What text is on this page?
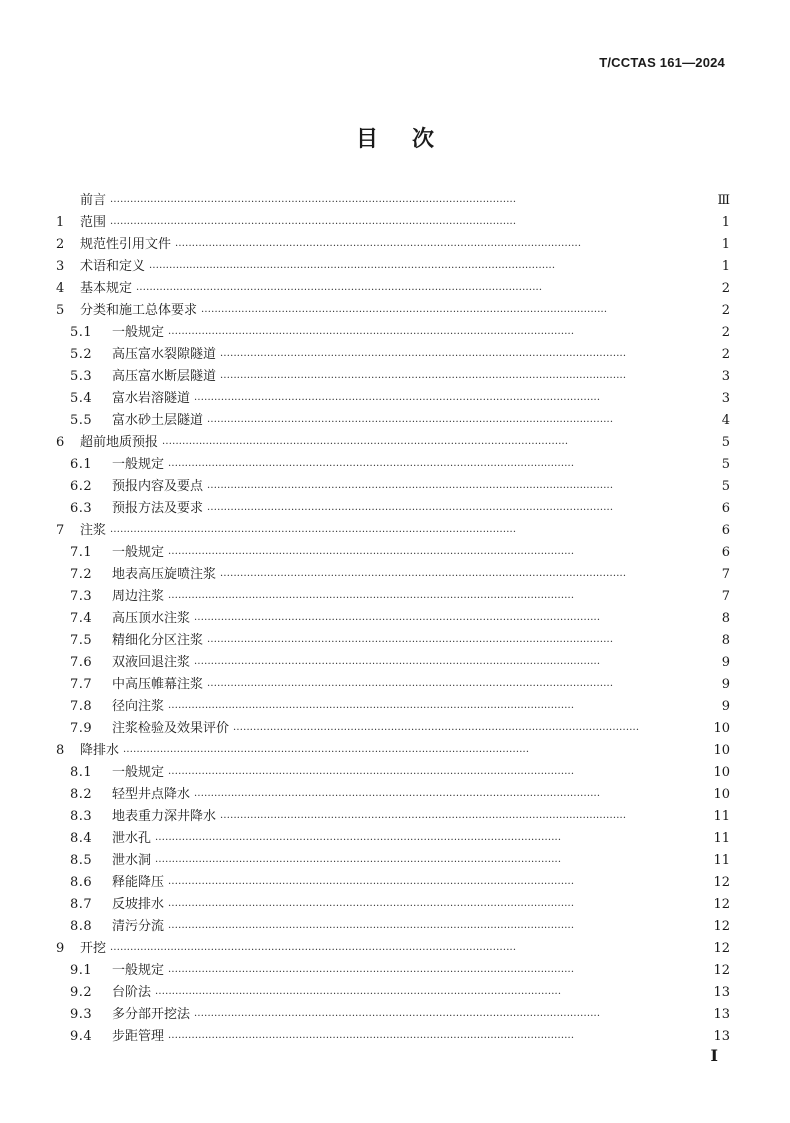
T/CCTAS 161—2024
目次
前言 · · ·	Ⅲ
1	范围 · · ·	1
2	规范性引用文件 · · ·	1
3	术语和定义 · · ·	1
4	基本规定 · · ·	2
5	分类和施工总体要求 · · ·	2
5.1	一般规定 · · ·	2
5.2	高压富水裂隙隧道 · · ·	2
5.3	高压富水断层隧道 · · ·	3
5.4	富水岩溶隧道 · · ·	3
5.5	富水砂土层隧道 · · ·	4
6	超前地质预报 · · ·	5
6.1	一般规定 · · ·	5
6.2	预报内容及要点 · · ·	5
6.3	预报方法及要求 · · ·	6
7	注浆 · · ·	6
7.1	一般规定 · · ·	6
7.2	地表高压旋喷注浆 · · ·	7
7.3	周边注浆 · · ·	7
7.4	高压顶水注浆 · · ·	8
7.5	精细化分区注浆 · · ·	8
7.6	双液回退注浆 · · ·	9
7.7	中高压帷幕注浆 · · ·	9
7.8	径向注浆 · · ·	9
7.9	注浆检验及效果评价 · · ·	10
8	降排水 · · ·	10
8.1	一般规定 · · ·	10
8.2	轻型井点降水 · · ·	10
8.3	地表重力深井降水 · · ·	11
8.4	泄水孔 · · ·	11
8.5	泄水洞 · · ·	11
8.6	释能降压 · · ·	12
8.7	反坡排水 · · ·	12
8.8	清污分流 · · ·	12
9	开挖 · · ·	12
9.1	一般规定 · · ·	12
9.2	台阶法 · · ·	13
9.3	多分部开挖法 · · ·	13
9.4	步距管理 · · ·	13
I
